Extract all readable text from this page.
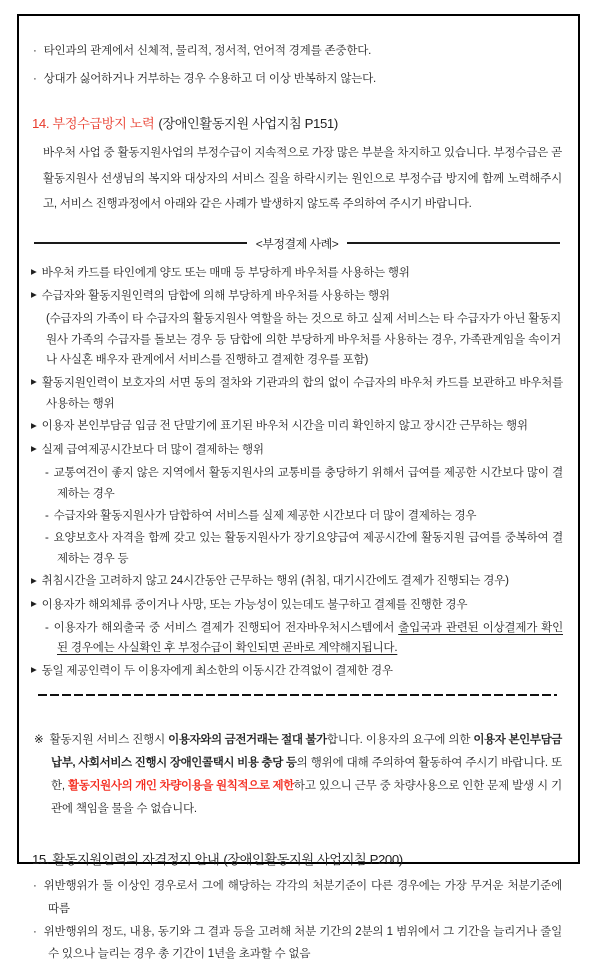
· 타인과의 관계에서 신체적, 물리적, 정서적, 언어적 경계를 존중한다.
· 상대가 싫어하거나 거부하는 경우 수용하고 더 이상 반복하지 않는다.
14. 부정수급방지 노력 (장애인활동지원 사업지침 P151)

바우처 사업 중 활동지원사업의 부정수급이 지속적으로 가장 많은 부분을 차지하고 있습니다. 부정수급은 곧 활동지원사 선생님의 복지와 대상자의 서비스 질을 하락시키는 원인으로 부정수급 방지에 함께 노력해주시고, 서비스 진행과정에서 아래와 같은 사례가 발생하지 않도록 주의하여 주시기 바랍니다.

<부정결제 사례>
▶ 바우처 카드를 타인에게 양도 또는 매매 등 부당하게 바우처를 사용하는 행위
▶ 수급자와 활동지원인력의 담합에 의해 부당하게 바우처를 사용하는 행위
(수급자의 가족이 타 수급자의 활동지원사 역할을 하는 것으로 하고 실제 서비스는 타 수급자가 아닌 활동지원사 가족의 수급자를 돌보는 경우 등 담합에 의한 부당하게 바우처를 사용하는 경우, 가족관계임을 속이거나 사실혼 배우자 관계에서 서비스를 진행하고 결제한 경우를 포함)
▶ 활동지원인력이 보호자의 서면 동의 절차와 기관과의 합의 없이 수급자의 바우처 카드를 보관하고 바우처를 사용하는 행위
▶ 이용자 본인부담금 입금 전 단말기에 표기된 바우처 시간을 미리 확인하지 않고 장시간 근무하는 행위
▶ 실제 급여제공시간보다 더 많이 결제하는 행위
- 교통여건이 좋지 않은 지역에서 활동지원사의 교통비를 충당하기 위해서 급여를 제공한 시간보다 많이 결제하는 경우
- 수급자와 활동지원사가 담합하여 서비스를 실제 제공한 시간보다 더 많이 결제하는 경우
- 요양보호사 자격을 함께 갖고 있는 활동지원사가 장기요양급여 제공시간에 활동지원 급여를 중복하여 결제하는 경우 등
▶ 취침시간을 고려하지 않고 24시간동안 근무하는 행위 (취침, 대기시간에도 결제가 진행되는 경우)
▶ 이용자가 해외체류 중이거나 사망, 또는 가능성이 있는데도 불구하고 결제를 진행한 경우
- 이용자가 해외출국 중 서비스 결제가 진행되어 전자바우처시스템에서 출입국과 관련된 이상결제가 확인된 경우에는 사실확인 후 부정수급이 확인되면 곧바로 계약해지됩니다.
▶ 동일 제공인력이 두 이용자에게 최소한의 이동시간 간격없이 결제한 경우

※ 활동지원 서비스 진행시 이용자와의 금전거래는 절대 불가합니다. 이용자의 요구에 의한 이용자 본인부담금 납부, 사회서비스 진행시 장애인콜택시 비용 충당 등의 행위에 대해 주의하여 활동하여 주시기 바랍니다. 또한, 활동지원사의 개인 차량이용을 원칙적으로 제한하고 있으니 근무 중 차량사용으로 인한 문제 발생 시 기관에 책임을 물을 수 없습니다.

15. 활동지원인력의 자격정지 안내 (장애인활동지원 사업지침 P200)
· 위반행위가 둘 이상인 경우로서 그에 해당하는 각각의 처분기준이 다른 경우에는 가장 무거운 처분기준에 따름
· 위반행위의 정도, 내용, 동기와 그 결과 등을 고려해 처분 기간의 2분의 1 범위에서 그 기간을 늘리거나 줄일 수 있으나 늘리는 경우 총 기간이 1년을 초과할 수 없음
